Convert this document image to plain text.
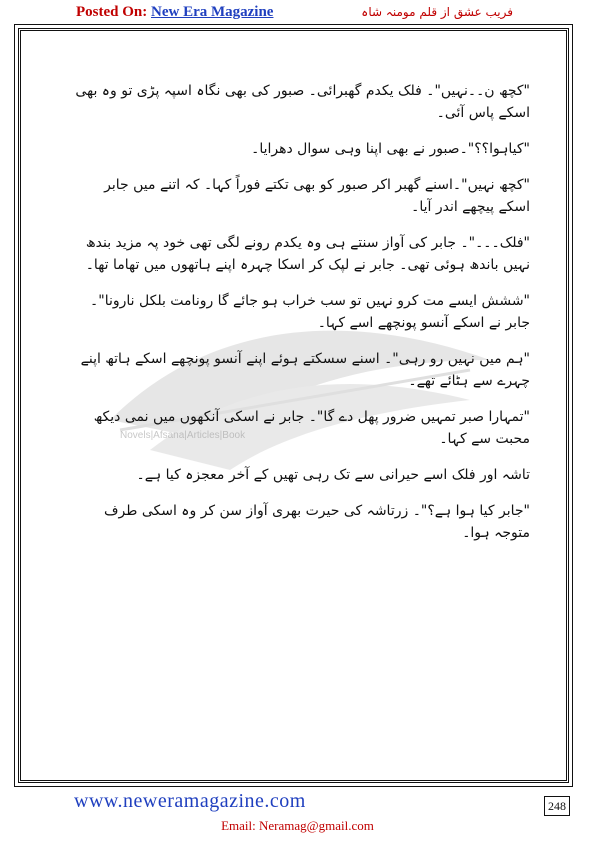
Posted On: New Era Magazine	فریب عشق از قلم مومنہ شاہ
Novels|Afsana|Articles|Book

"کچھ ن۔۔نہیں"۔ فلک یکدم گھبرائی۔ صبور کی بھی نگاہ اسپہ پڑی تو وہ بھی اسکے پاس آئی۔

"کیاہوا؟؟"۔صبور نے بھی اپنا وہی سوال دھرایا۔

"کچھ نہیں"۔اسنے گھبر اکر صبور کو بھی تکتے فوراً کہا۔ کہ اتنے میں جابر اسکے پیچھے اندر آیا۔

"فلک۔۔۔"۔ جابر کی آواز سنتے ہی وہ یکدم رونے لگی تھی خود پہ مزید بندھ نہیں باندھ ہوئی تھی۔ جابر نے لپک کر اسکا چہرہ اپنے ہاتھوں میں تھاما تھا۔

"ششش ایسے مت کرو نہیں تو سب خراب ہو جائے گا رونامت بلکل نارونا"۔ جابر نے اسکے آنسو پونچھے اسے کہا۔

"ہم میں نہیں رو رہی"۔ اسنے سسکتے ہوئے اپنے آنسو پونچھے اسکے ہاتھ اپنے چہرے سے ہٹائے تھے۔

"تمہارا صبر تمہیں ضرور پھل دے گا"۔ جابر نے اسکی آنکھوں میں نمی دیکھ محبت سے کہا۔

تاشہ اور فلک اسے حیرانی سے تک رہی تھیں کے آخر معجزہ کیا ہے۔

"جابر کیا ہوا ہے؟"۔ زرتاشہ کی حیرت بھری آواز سن کر وہ اسکی طرف متوجہ ہوا۔

www.neweramagazine.com	248
Email: Neramag@gmail.com
